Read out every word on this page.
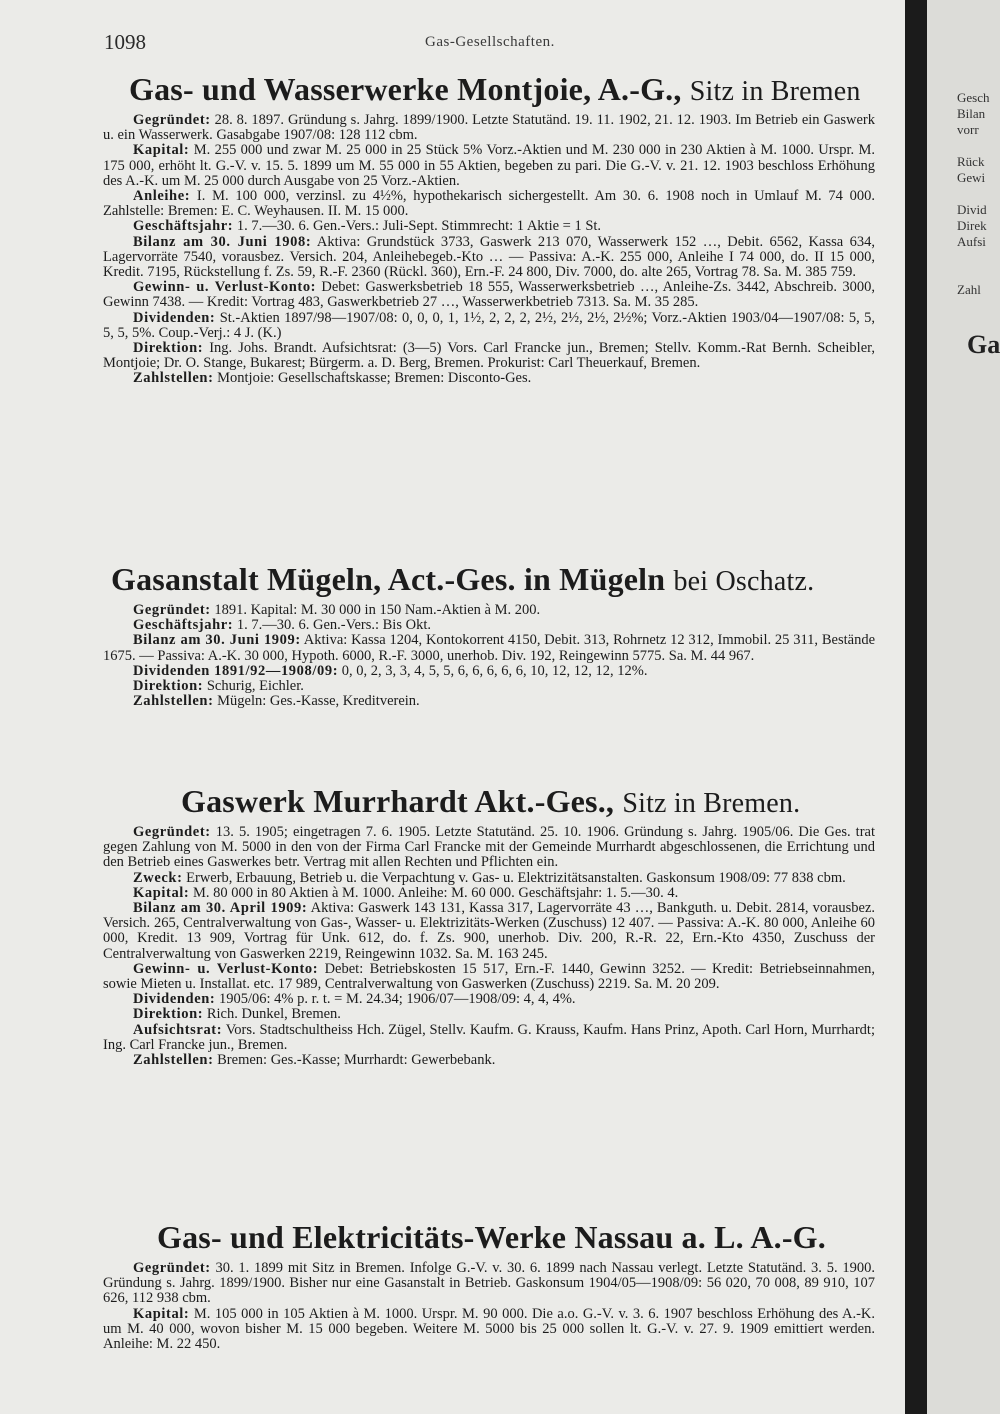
1098	Gas-Gesellschaften.
Gas- und Wasserwerke Montjoie, A.-G., Sitz in Bremen

Gegründet: 28. 8. 1897. Gründung s. Jahrg. 1899/1900. Letzte Statutänd. 19. 11. 1902, 21. 12. 1903. Im Betrieb ein Gaswerk u. ein Wasserwerk. Gasabgabe 1907/08: 128 112 cbm.

Kapital: M. 255 000 und zwar M. 25 000 in 25 Stück 5% Vorz.-Aktien und M. 230 000 in 230 Aktien à M. 1000. Urspr. M. 175 000, erhöht lt. G.-V. v. 15. 5. 1899 um M. 55 000 in 55 Aktien, begeben zu pari. Die G.-V. v. 21. 12. 1903 beschloss Erhöhung des A.-K. um M. 25 000 durch Ausgabe von 25 Vorz.-Aktien.

Anleihe: I. M. 100 000, verzinsl. zu 4½%, hypothekarisch sichergestellt. Am 30. 6. 1908 noch in Umlauf M. 74 000. Zahlstelle: Bremen: E. C. Weyhausen. II. M. 15 000.

Geschäftsjahr: 1. 7.—30. 6. Gen.-Vers.: Juli-Sept. Stimmrecht: 1 Aktie = 1 St.

Bilanz am 30. Juni 1908: Aktiva: Grundstück 3733, Gaswerk 213 070, Wasserwerk 152 …, Debit. 6562, Kassa 634, Lagervorräte 7540, vorausbez. Versich. 204, Anleihebegeb.-Kto … — Passiva: A.-K. 255 000, Anleihe I 74 000, do. II 15 000, Kredit. 7195, Rückstellung f. Zs. 59, R.-F. 2360 (Rückl. 360), Ern.-F. 24 800, Div. 7000, do. alte 265, Vortrag 78. Sa. M. 385 759.

Gewinn- u. Verlust-Konto: Debet: Gaswerksbetrieb 18 555, Wasserwerksbetrieb …, Anleihe-Zs. 3442, Abschreib. 3000, Gewinn 7438. — Kredit: Vortrag 483, Gaswerkbetrieb 27 …, Wasserwerkbetrieb 7313. Sa. M. 35 285.

Dividenden: St.-Aktien 1897/98—1907/08: 0, 0, 0, 1, 1½, 2, 2, 2, 2½, 2½, 2½, 2½%; Vorz.-Aktien 1903/04—1907/08: 5, 5, 5, 5, 5%. Coup.-Verj.: 4 J. (K.)

Direktion: Ing. Johs. Brandt. Aufsichtsrat: (3—5) Vors. Carl Francke jun., Bremen; Stellv. Komm.-Rat Bernh. Scheibler, Montjoie; Dr. O. Stange, Bukarest; Bürgerm. a. D. Berg, Bremen. Prokurist: Carl Theuerkauf, Bremen.

Zahlstellen: Montjoie: Gesellschaftskasse; Bremen: Disconto-Ges.

Gasanstalt Mügeln, Act.-Ges. in Mügeln bei Oschatz.

Gegründet: 1891. Kapital: M. 30 000 in 150 Nam.-Aktien à M. 200.

Geschäftsjahr: 1. 7.—30. 6. Gen.-Vers.: Bis Okt.

Bilanz am 30. Juni 1909: Aktiva: Kassa 1204, Kontokorrent 4150, Debit. 313, Rohrnetz 12 312, Immobil. 25 311, Bestände 1675. — Passiva: A.-K. 30 000, Hypoth. 6000, R.-F. 3000, unerhob. Div. 192, Reingewinn 5775. Sa. M. 44 967.

Dividenden 1891/92—1908/09: 0, 0, 2, 3, 3, 4, 5, 5, 6, 6, 6, 6, 6, 10, 12, 12, 12, 12%.

Direktion: Schurig, Eichler.

Zahlstellen: Mügeln: Ges.-Kasse, Kreditverein.

Gaswerk Murrhardt Akt.-Ges., Sitz in Bremen.

Gegründet: 13. 5. 1905; eingetragen 7. 6. 1905. Letzte Statutänd. 25. 10. 1906. Gründung s. Jahrg. 1905/06. Die Ges. trat gegen Zahlung von M. 5000 in den von der Firma Carl Francke mit der Gemeinde Murrhardt abgeschlossenen, die Errichtung und den Betrieb eines Gaswerkes betr. Vertrag mit allen Rechten und Pflichten ein.

Zweck: Erwerb, Erbauung, Betrieb u. die Verpachtung v. Gas- u. Elektrizitätsanstalten. Gaskonsum 1908/09: 77 838 cbm.

Kapital: M. 80 000 in 80 Aktien à M. 1000. Anleihe: M. 60 000. Geschäftsjahr: 1. 5.—30. 4.

Bilanz am 30. April 1909: Aktiva: Gaswerk 143 131, Kassa 317, Lagervorräte 43 …, Bankguth. u. Debit. 2814, vorausbez. Versich. 265, Centralverwaltung von Gas-, Wasser- u. Elektrizitäts-Werken (Zuschuss) 12 407. — Passiva: A.-K. 80 000, Anleihe 60 000, Kredit. 13 909, Vortrag für Unk. 612, do. f. Zs. 900, unerhob. Div. 200, R.-R. 22, Ern.-Kto 4350, Zuschuss der Centralverwaltung von Gaswerken 2219, Reingewinn 1032. Sa. M. 163 245.

Gewinn- u. Verlust-Konto: Debet: Betriebskosten 15 517, Ern.-F. 1440, Gewinn 3252. — Kredit: Betriebseinnahmen, sowie Mieten u. Installat. etc. 17 989, Centralverwaltung von Gaswerken (Zuschuss) 2219. Sa. M. 20 209.

Dividenden: 1905/06: 4% p. r. t. = M. 24.34; 1906/07—1908/09: 4, 4, 4%.

Direktion: Rich. Dunkel, Bremen.

Aufsichtsrat: Vors. Stadtschultheiss Hch. Zügel, Stellv. Kaufm. G. Krauss, Kaufm. Hans Prinz, Apoth. Carl Horn, Murrhardt; Ing. Carl Francke jun., Bremen.

Zahlstellen: Bremen: Ges.-Kasse; Murrhardt: Gewerbebank.

Gas- und Elektricitäts-Werke Nassau a. L. A.-G.

Gegründet: 30. 1. 1899 mit Sitz in Bremen. Infolge G.-V. v. 30. 6. 1899 nach Nassau verlegt. Letzte Statutänd. 3. 5. 1900. Gründung s. Jahrg. 1899/1900. Bisher nur eine Gasanstalt in Betrieb. Gaskonsum 1904/05—1908/09: 56 020, 70 008, 89 910, 107 626, 112 938 cbm.

Kapital: M. 105 000 in 105 Aktien à M. 1000. Urspr. M. 90 000. Die a.o. G.-V. v. 3. 6. 1907 beschloss Erhöhung des A.-K. um M. 40 000, wovon bisher M. 15 000 begeben. Weitere M. 5000 bis 25 000 sollen lt. G.-V. v. 27. 9. 1909 emittiert werden. Anleihe: M. 22 450.

Gesch
Bilan
vorr
Rück
Gewi
Divid
Direk
Aufsi
Zahl
Ga
